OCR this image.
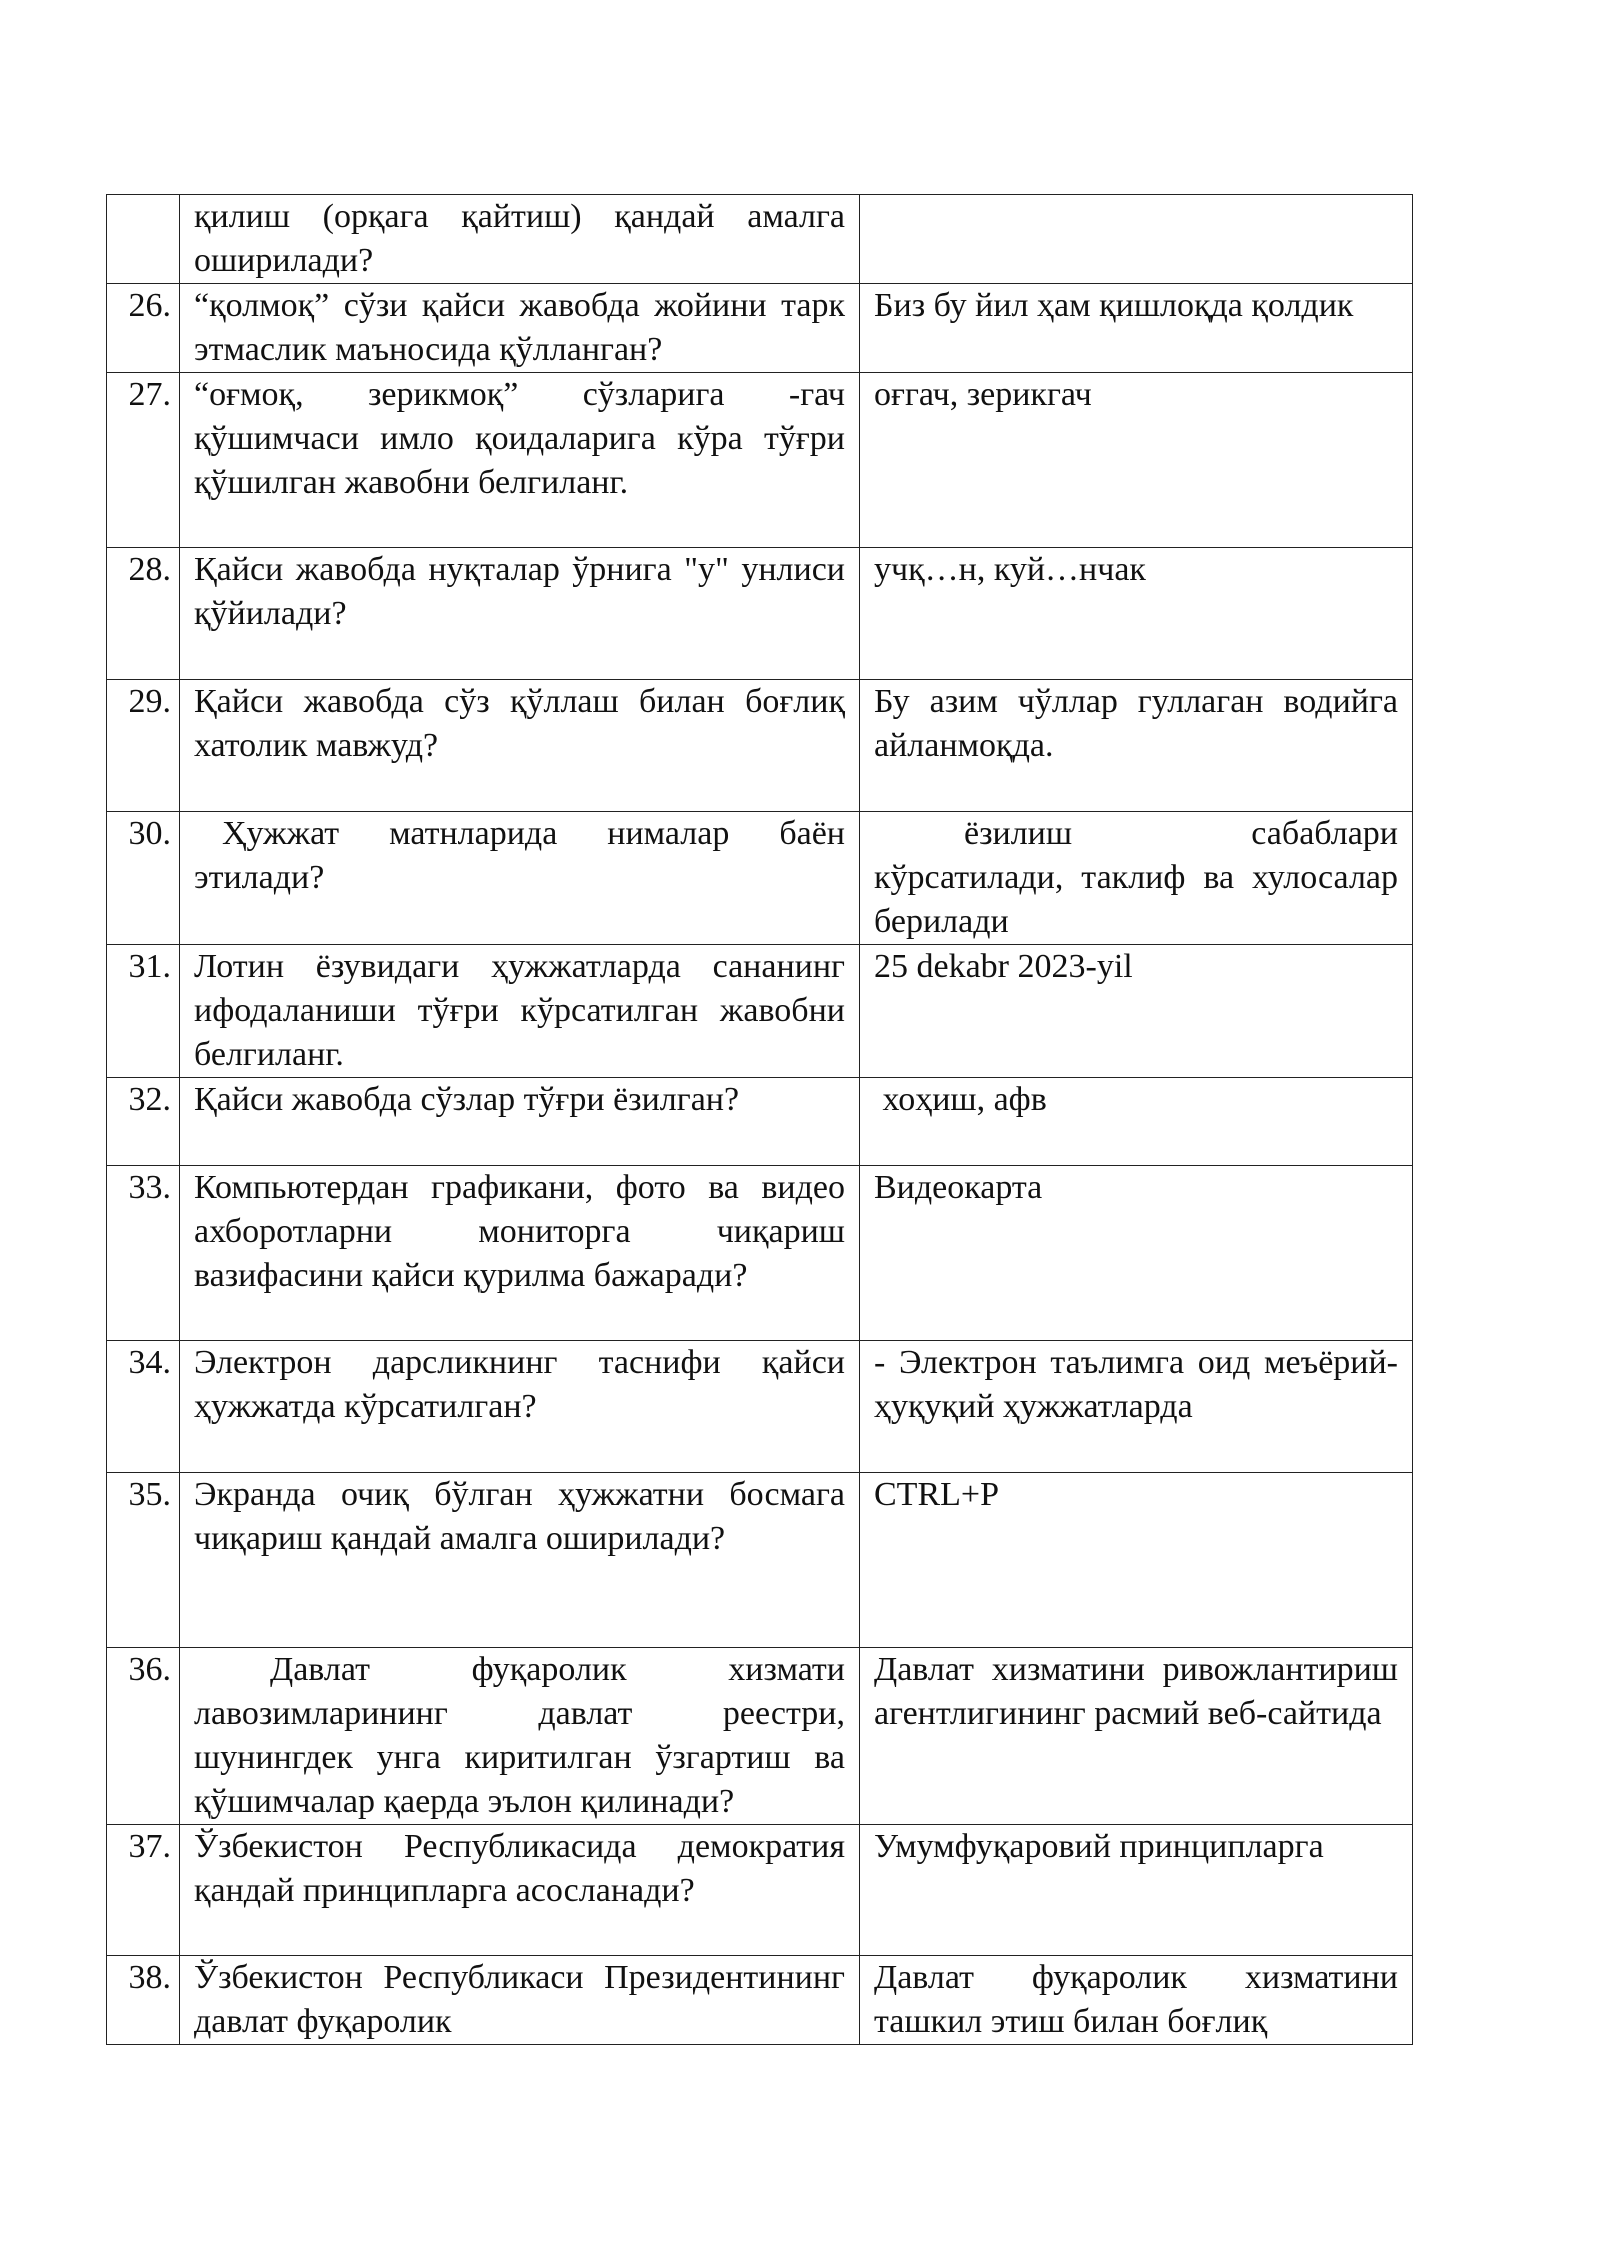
	қилиш (орқага қайтиш) қандай амалга оширилади?	
26.	“қолмоқ” сўзи қайси жавобда жойини тарк этмаслик маъносида қўлланган?	Биз бу йил ҳам қишлоқда қолдик
27.	“оғмоқ, зерикмоқ” сўзларига -гач қўшимчаси имло қоидаларига кўра тўғри қўшилган жавобни белгиланг.	оғгач, зерикгач
28.	Қайси жавобда нуқталар ўрнига "у" унлиси қўйилади?	учқ…н, куй…нчак
29.	Қайси жавобда сўз қўллаш билан боғлиқ хатолик мавжуд?	Бу азим чўллар гуллаган водийга айланмоқда.
30.	Ҳужжат матнларида нималар баён этилади?	ёзилиш сабаблари кўрсатилади, таклиф ва хулосалар берилади
31.	Лотин ёзувидаги ҳужжатларда сананинг ифодаланиши тўғри кўрсатилган жавобни белгиланг.	25 dekabr 2023-yil
32.	Қайси жавобда сўзлар тўғри ёзилган?	хоҳиш, афв
33.	Компьютердан графикани, фото ва видео ахборотларни мониторга чиқариш вазифасини қайси қурилма бажаради?	Видеокарта
34.	Электрон дарсликнинг таснифи қайси ҳужжатда кўрсатилган?	- Электрон таълимга оид меъёрий-ҳуқуқий ҳужжатларда
35.	Экранда очиқ бўлган ҳужжатни босмага чиқариш қандай амалга оширилади?	CTRL+P
36.	Давлат фуқаролик хизмати лавозимларининг давлат реестри, шунингдек унга киритилган ўзгартиш ва қўшимчалар қаерда эълон қилинади?	Давлат хизматини ривожлантириш агентлигининг расмий веб-сайтида
37.	Ўзбекистон Республикасида демократия қандай принципларга асосланади?	Умумфуқаровий принципларга
38.	Ўзбекистон Республикаси Президентининг давлат фуқаролик	Давлат фуқаролик хизматини ташкил этиш билан боғлиқ
